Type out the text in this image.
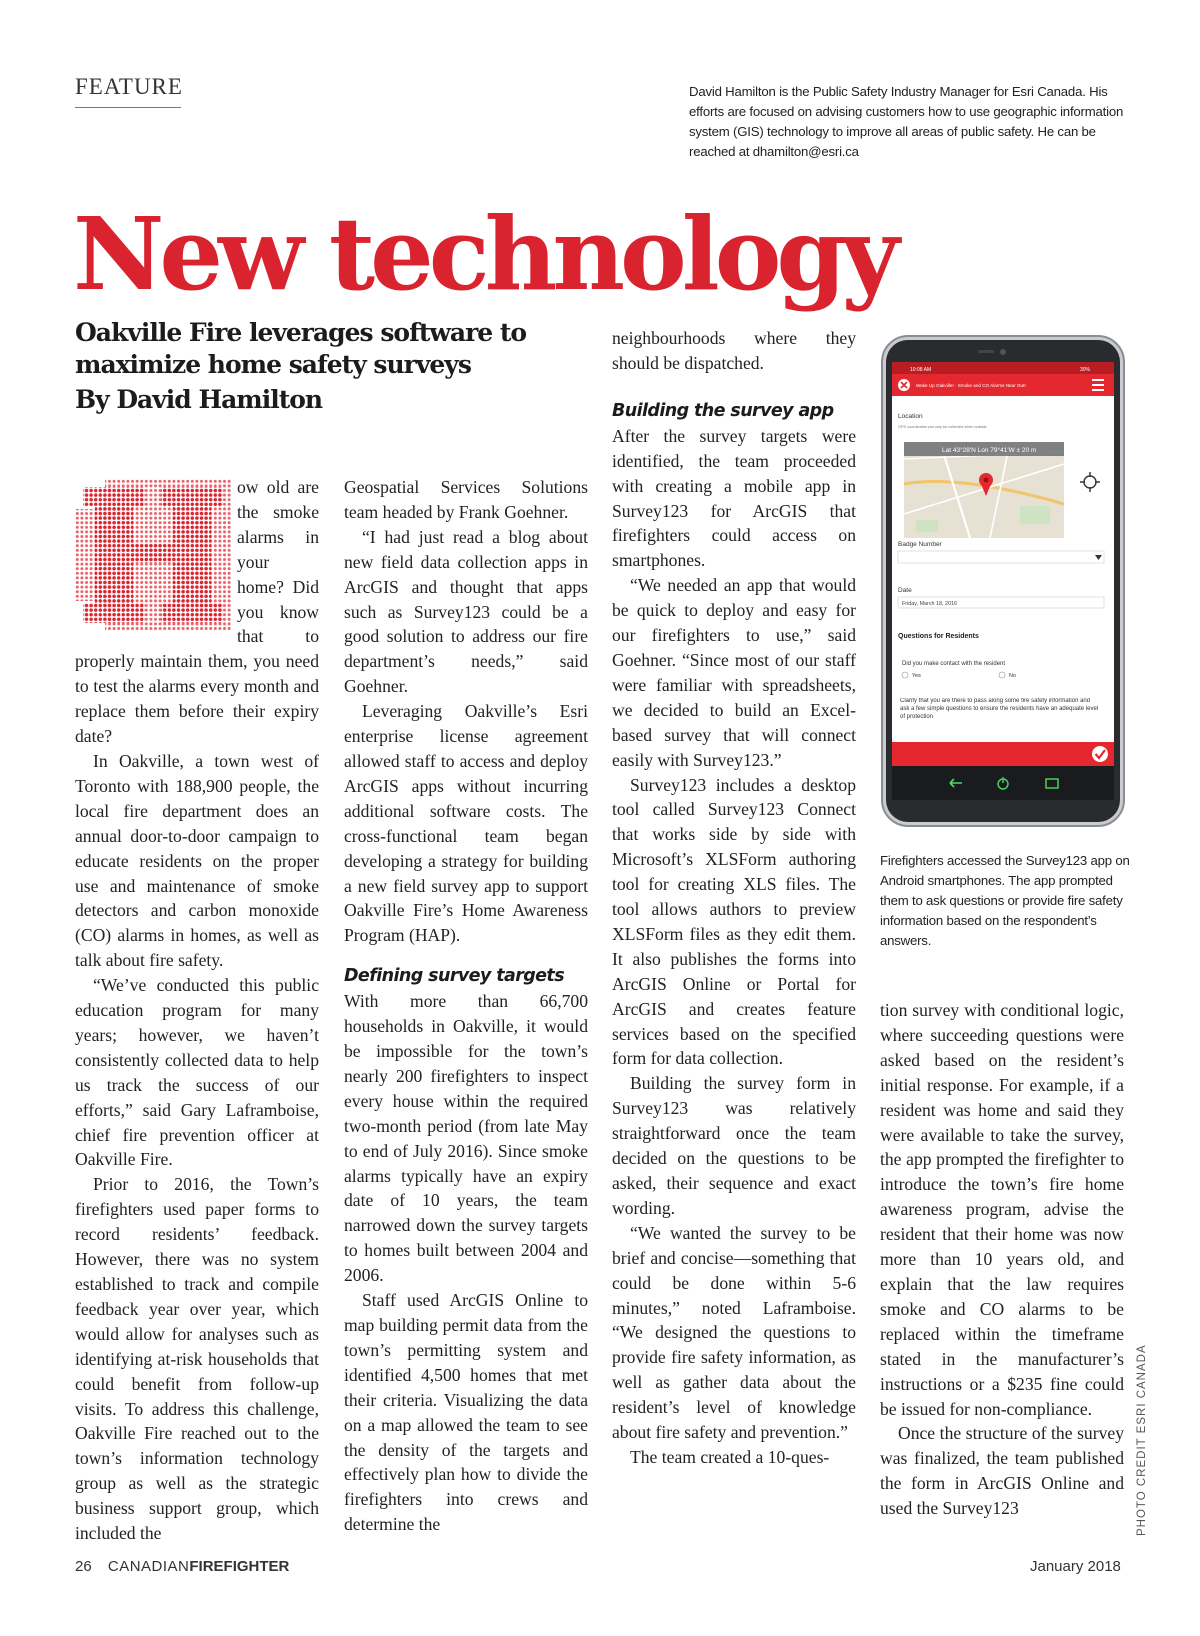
FEATURE	David Hamilton is the Public Safety Industry Manager for Esri Canada. His efforts are focused on advising customers how to use geographic information system (GIS) technology to improve all areas of public safety. He can be reached at dhamilton@esri.ca
New technology
Oakville Fire leverages software to maximize home safety surveys
By David Hamilton

ow old are the smoke alarms in your home? Did you know that to properly maintain them, you need to test the alarms every month and replace them before their expiry date?

In Oakville, a town west of Toronto with 188,900 people, the local fire department does an annual door-to-door campaign to educate residents on the proper use and maintenance of smoke detectors and carbon monoxide (CO) alarms in homes, as well as talk about fire safety.

“We’ve conducted this public education program for many years; however, we haven’t consistently collected data to help us track the success of our efforts,” said Gary Laframboise, chief fire prevention officer at Oakville Fire.

Prior to 2016, the Town’s firefighters used paper forms to record residents’ feedback. However, there was no system established to track and compile feedback year over year, which would allow for analyses such as identifying at-risk households that could benefit from follow-up visits. To address this challenge, Oakville Fire reached out to the town’s information technology group as well as the strategic business support group, which included the

Geospatial Services Solutions team headed by Frank Goehner.

“I had just read a blog about new field data collection apps in ArcGIS and thought that apps such as Survey123 could be a good solution to address our fire department’s needs,” said Goehner.

Leveraging Oakville’s Esri enterprise license agreement allowed staff to access and deploy ArcGIS apps without incurring additional software costs. The cross-functional team began developing a strategy for building a new field survey app to support Oakville Fire’s Home Awareness Program (HAP).

Defining survey targets

With more than 66,700 households in Oakville, it would be impossible for the town’s nearly 200 firefighters to inspect every house within the required two-month period (from late May to end of July 2016). Since smoke alarms typically have an expiry date of 10 years, the team narrowed down the survey targets to homes built between 2004 and 2006.

Staff used ArcGIS Online to map building permit data from the town’s permitting system and identified 4,500 homes that met their criteria. Visualizing the data on a map allowed the team to see the density of the targets and effectively plan how to divide the firefighters into crews and determine the

neighbourhoods where they should be dispatched.

Building the survey app

After the survey targets were identified, the team proceeded with creating a mobile app in Survey123 for ArcGIS that firefighters could access on smartphones.

“We needed an app that would be quick to deploy and easy for our firefighters to use,” said Goehner. “Since most of our staff were familiar with spreadsheets, we decided to build an Excel-based survey that will connect easily with Survey123.”

Survey123 includes a desktop tool called Survey123 Connect that works side by side with Microsoft’s XLSForm authoring tool for creating XLS files. The tool allows authors to preview XLSForm files as they edit them. It also publishes the forms into ArcGIS Online or Portal for ArcGIS and creates feature services based on the specified form for data collection.

Building the survey form in Survey123 was relatively straightforward once the team decided on the questions to be asked, their sequence and exact wording.

“We wanted the survey to be brief and concise—something that could be done within 5-6 minutes,” noted Laframboise. “We designed the questions to provide fire safety information, as well as gather data about the resident’s level of knowledge about fire safety and prevention.”

The team created a 10-ques-

10:08 AM	30%
Wake Up Oakville! · Smoke and CO Alarms Near Out!
Location
GPS coordinates can only be collected when outside
Lat 43°28'N Lon 79°41'W ± 20 m
Badge Number
Date
Friday, March 18, 2016
Questions for Residents
Did you make contact with the resident
Yes	No
Clarify that you are there to pass along some fire safety information and ask a few simple questions to ensure the residents have an adequate level of protection
Firefighters accessed the Survey123 app on Android smartphones. The app prompted them to ask questions or provide fire safety information based on the respondent’s answers.

tion survey with conditional logic, where succeeding questions were asked based on the resident’s initial response. For example, if a resident was home and said they were available to take the survey, the app prompted the firefighter to introduce the town’s fire home awareness program, advise the resident that their home was now more than 10 years old, and explain that the law requires smoke and CO alarms to be replaced within the timeframe stated in the manufacturer’s instructions or a $235 fine could be issued for non-compliance.

Once the structure of the survey was finalized, the team published the form in ArcGIS Online and used the Survey123	PHOTO CREDIT ESRI CANADA
26 CANADIANFIREFIGHTER	January 2018
